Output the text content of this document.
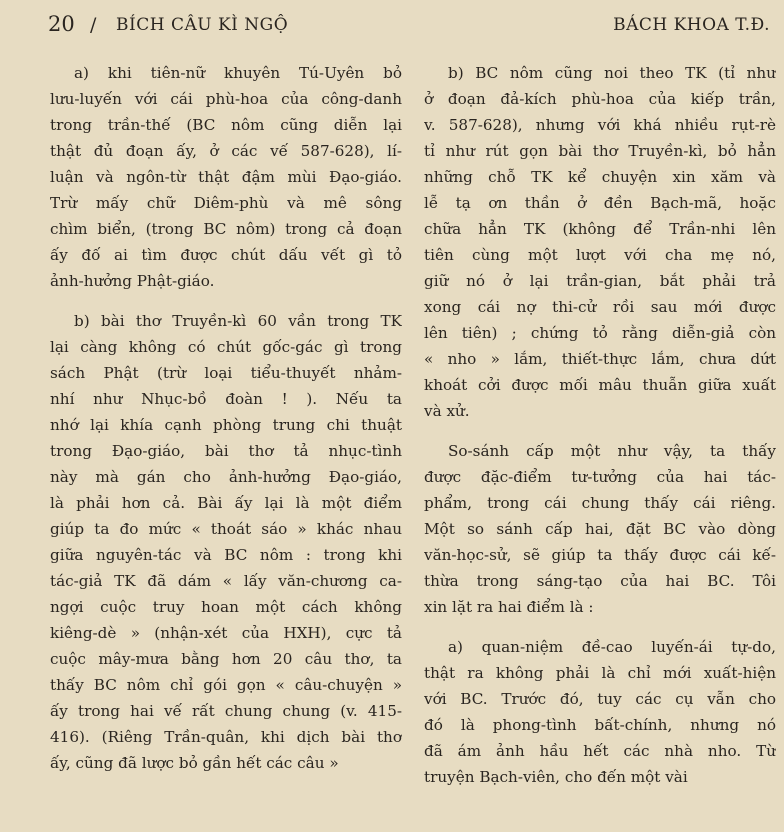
20 / BÍCH CÂU KÌ NGỘ	BÁCH KHOA T.Đ.
a) khi tiên-nữ khuyên Tú-Uyên bỏ
lưu-luyến với cái phù-hoa của công-danh
trong trần-thế (BC nôm cũng diễn lại
thật đủ đoạn ấy, ở các vế 587-628), lí-
luận và ngôn-từ thật đậm mùi Đạo-giáo.
Trừ mấy chữ Diêm-phù và mê sông
chìm biển, (trong BC nôm) trong cả đoạn
ấy đố ai tìm được chút dấu vết gì tỏ
ảnh-hưởng Phật-giáo.
b) bài thơ Truyền-kì 60 vần trong TK
lại càng không có chút gốc-gác gì trong
sách Phật (trừ loại tiểu-thuyết nhảm-
nhí như Nhục-bồ đoàn ! ). Nếu ta
nhớ lại khía cạnh phòng trung chi thuật
trong Đạo-giáo, bài thơ tả nhục-tình
này mà gán cho ảnh-hưởng Đạo-giáo,
là phải hơn cả. Bài ấy lại là một điểm
giúp ta đo mức « thoát sáo » khác nhau
giữa nguyên-tác và BC nôm : trong khi
tác-giả TK đã dám « lấy văn-chương ca-
ngợi cuộc truy hoan một cách không
kiêng-dè » (nhận-xét của HXH), cực tả
cuộc mây-mưa bằng hơn 20 câu thơ, ta
thấy BC nôm chỉ gói gọn « câu-chuyện »
ấy trong hai vế rất chung chung (v. 415-
416). (Riêng Trần-quân, khi dịch bài thơ
ấy, cũng đã lược bỏ gần hết các câu »
b) BC nôm cũng noi theo TK (tỉ như
ở đoạn đả-kích phù-hoa của kiếp trần,
v. 587-628), nhưng với khá nhiều rụt-rè
tỉ như rút gọn bài thơ Truyền-kì, bỏ hẳn
những chỗ TK kể chuyện xin xăm và
lễ tạ ơn thần ở đền Bạch-mã, hoặc
chữa hẳn TK (không để Trần-nhi lên
tiên cùng một lượt với cha mẹ nó,
giữ nó ở lại trần-gian, bắt phải trả
xong cái nợ thi-cử rồi sau mới được
lên tiên) ; chứng tỏ rằng diễn-giả còn
« nho » lắm, thiết-thực lắm, chưa dứt
khoát cởi được mối mâu thuẫn giữa xuất
và xử.
So-sánh cấp một như vậy, ta thấy
được đặc-điểm tư-tưởng của hai tác-
phẩm, trong cái chung thấy cái riêng.
Một so sánh cấp hai, đặt BC vào dòng
văn-học-sử, sẽ giúp ta thấy được cái kế-
thừa trong sáng-tạo của hai BC. Tôi
xin lặt ra hai điểm là :
a) quan-niệm đề-cao luyến-ái tự-do,
thật ra không phải là chỉ mới xuất-hiện
với BC. Trước đó, tuy các cụ vẫn cho
đó là phong-tình bất-chính, nhưng nó
đã ám ảnh hầu hết các nhà nho. Từ
truyện Bạch-viên, cho đến một vài
